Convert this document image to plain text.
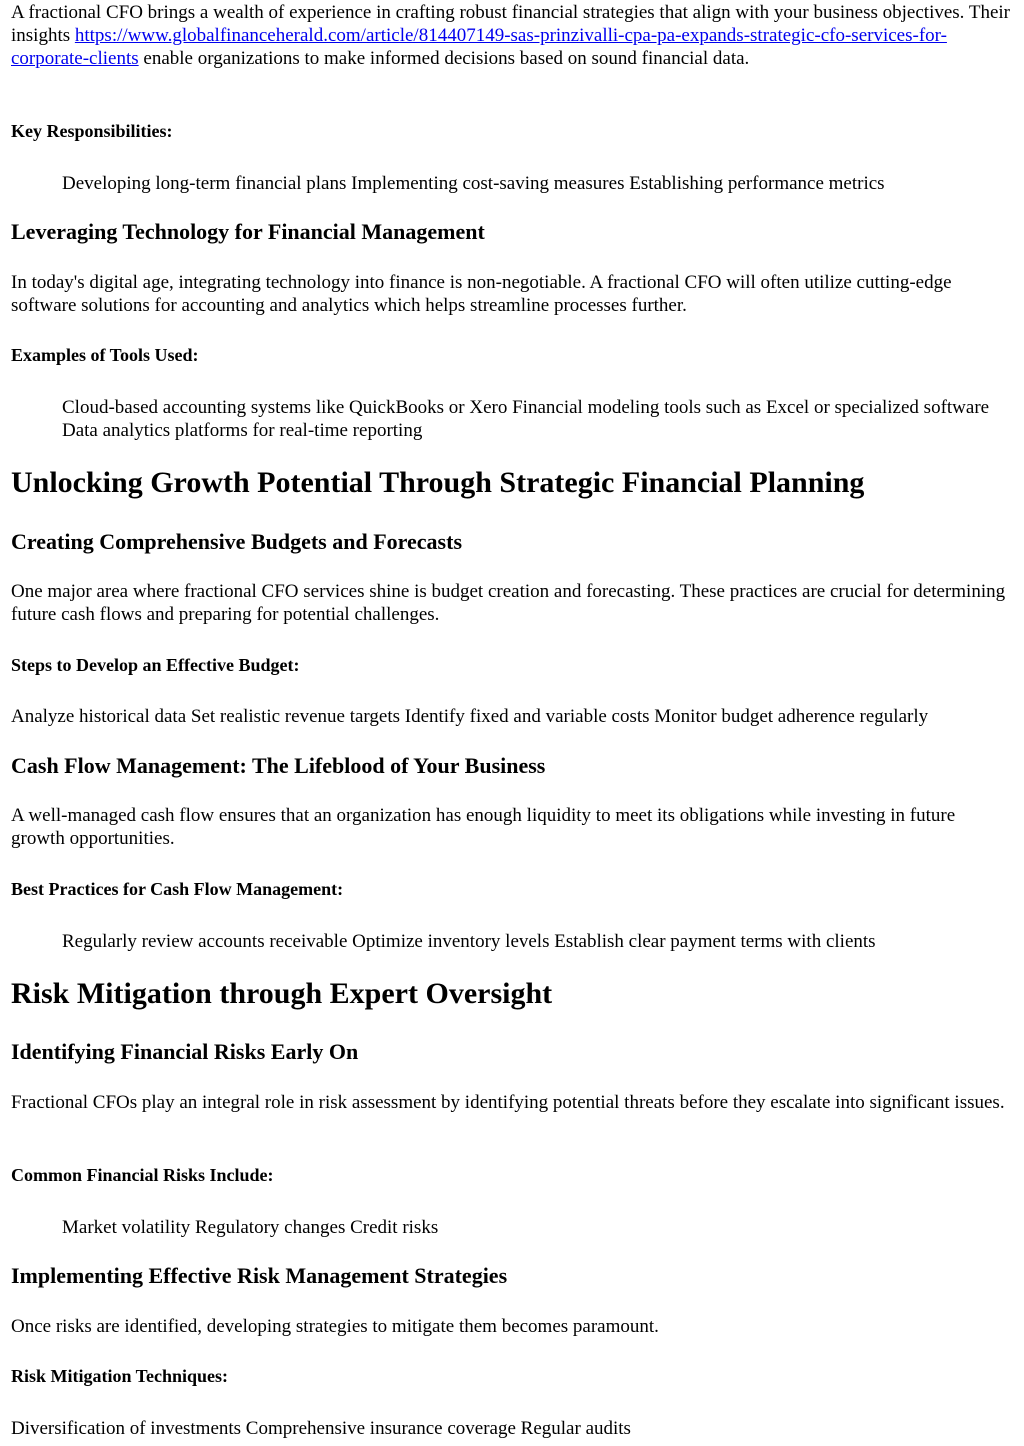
A fractional CFO brings a wealth of experience in crafting robust financial strategies that align with your business objectives. Their insights https://www.globalfinanceherald.com/article/814407149-sas-prinzivalli-cpa-pa-expands-strategic-cfo-services-for-corporate-clients enable organizations to make informed decisions based on sound financial data.

Key Responsibilities:

Developing long-term financial plans Implementing cost-saving measures Establishing performance metrics

Leveraging Technology for Financial Management

In today's digital age, integrating technology into finance is non-negotiable. A fractional CFO will often utilize cutting-edge software solutions for accounting and analytics which helps streamline processes further.

Examples of Tools Used:

Cloud-based accounting systems like QuickBooks or Xero Financial modeling tools such as Excel or specialized software Data analytics platforms for real-time reporting

Unlocking Growth Potential Through Strategic Financial Planning
Creating Comprehensive Budgets and Forecasts

One major area where fractional CFO services shine is budget creation and forecasting. These practices are crucial for determining future cash flows and preparing for potential challenges.

Steps to Develop an Effective Budget:

Analyze historical data Set realistic revenue targets Identify fixed and variable costs Monitor budget adherence regularly

Cash Flow Management: The Lifeblood of Your Business

A well-managed cash flow ensures that an organization has enough liquidity to meet its obligations while investing in future growth opportunities.

Best Practices for Cash Flow Management:

Regularly review accounts receivable Optimize inventory levels Establish clear payment terms with clients

Risk Mitigation through Expert Oversight
Identifying Financial Risks Early On

Fractional CFOs play an integral role in risk assessment by identifying potential threats before they escalate into significant issues.

Common Financial Risks Include:

Market volatility Regulatory changes Credit risks

Implementing Effective Risk Management Strategies

Once risks are identified, developing strategies to mitigate them becomes paramount.

Risk Mitigation Techniques:

Diversification of investments Comprehensive insurance coverage Regular audits
